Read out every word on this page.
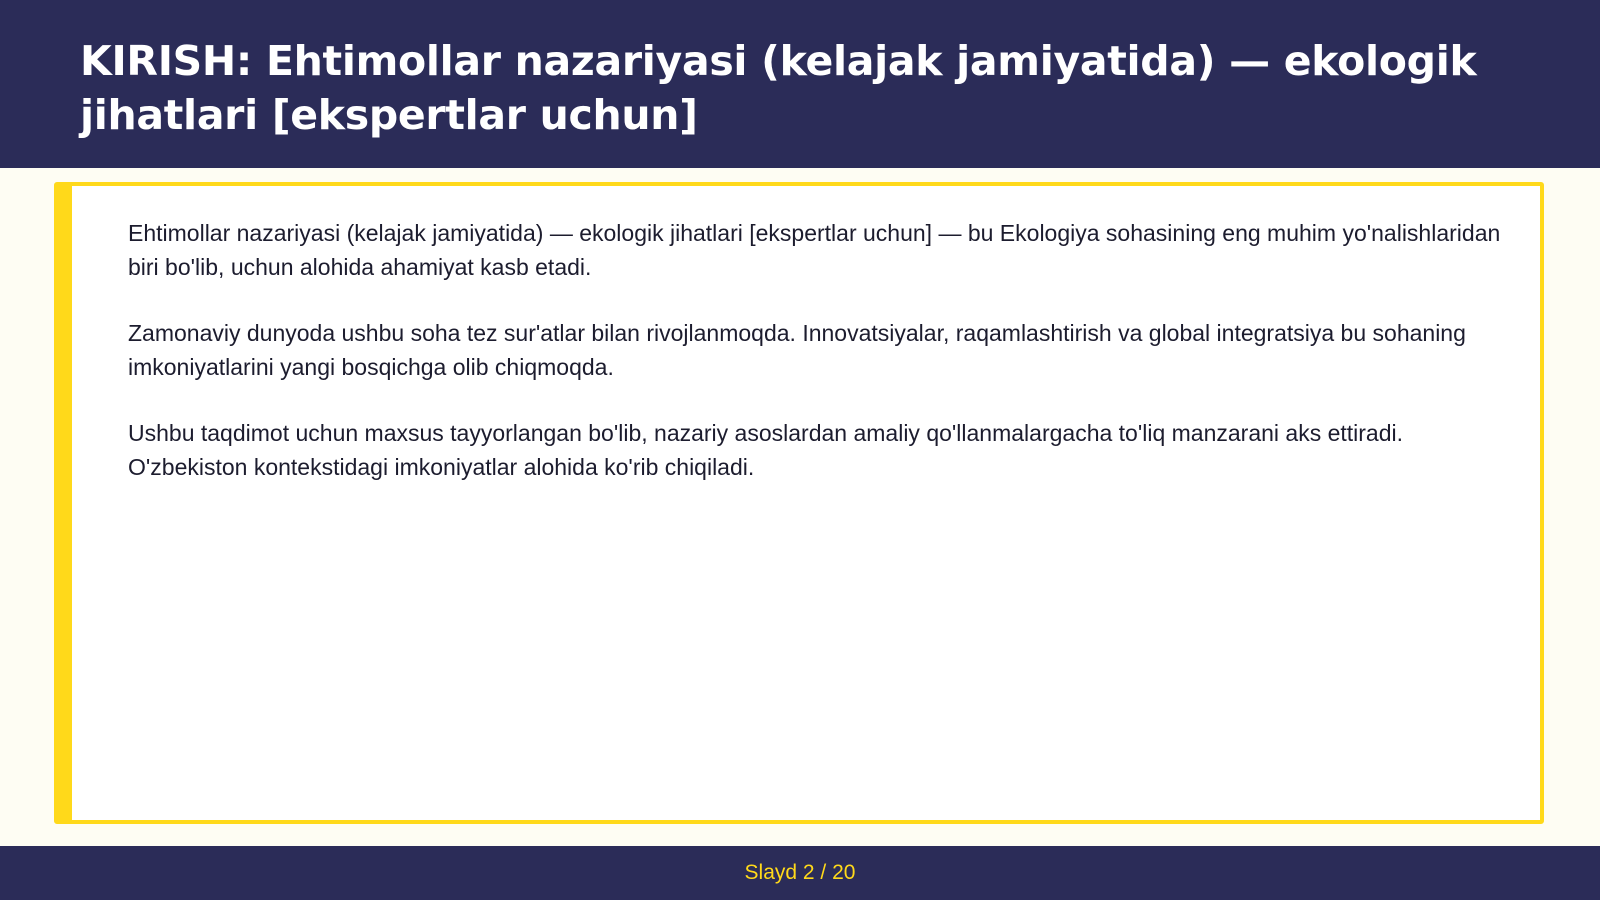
KIRISH: Ehtimollar nazariyasi (kelajak jamiyatida) — ekologik jihatlari [ekspertlar uchun]

Ehtimollar nazariyasi (kelajak jamiyatida) — ekologik jihatlari [ekspertlar uchun] — bu Ekologiya sohasining eng muhim yo'nalishlaridan biri bo'lib, uchun alohida ahamiyat kasb etadi.

Zamonaviy dunyoda ushbu soha tez sur'atlar bilan rivojlanmoqda. Innovatsiyalar, raqamlashtirish va global integratsiya bu sohaning imkoniyatlarini yangi bosqichga olib chiqmoqda.

Ushbu taqdimot uchun maxsus tayyorlangan bo'lib, nazariy asoslardan amaliy qo'llanmalargacha to'liq manzarani aks ettiradi. O'zbekiston kontekstidagi imkoniyatlar alohida ko'rib chiqiladi.

Slayd 2 / 20
